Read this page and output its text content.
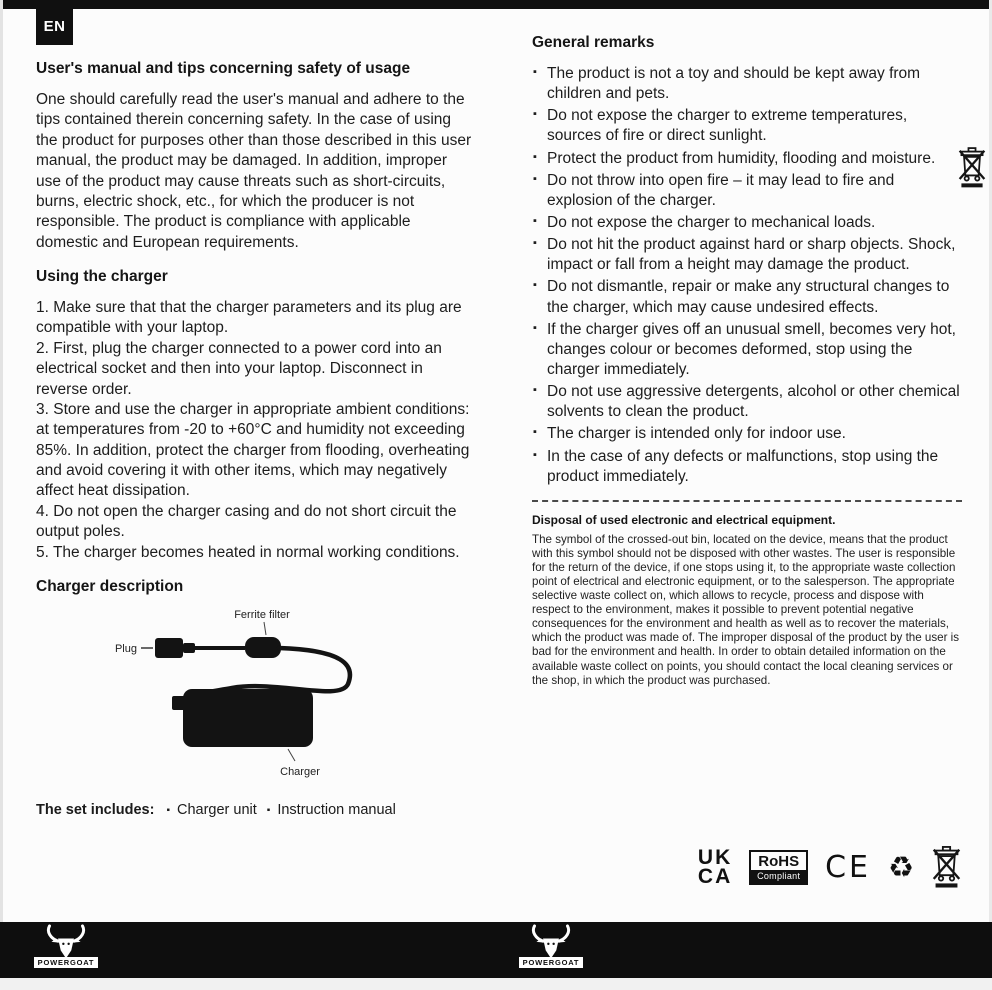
EN
User's manual and tips concerning safety of usage

One should carefully read the user's manual and adhere to the tips contained therein concerning safety. In the case of using the product for purposes other than those described in this user manual, the product may be damaged. In addition, improper use of the product may cause threats such as short-circuits, burns, electric shock, etc., for which the producer is not responsible. The product is compliance with applicable domestic and European requirements.

Using the charger

1. Make sure that that the charger parameters and its plug are compatible with your laptop.

2. First, plug the charger connected to a power cord into an electrical socket and then into your laptop. Disconnect in reverse order.

3. Store and use the charger in appropriate ambient conditions: at temperatures from -20 to +60°C and humidity not exceeding 85%. In addition, protect the charger from flooding, overheating and avoid covering it with other items, which may negatively affect heat dissipation.

4. Do not open the charger casing and do not short circuit the output poles.

5. The charger becomes heated in normal working conditions.

Charger description
Ferrite filter
Plug
Charger
The set includes:	▪ Charger unit ▪ Instruction manual
General remarks
▪ The product is not a toy and should be kept away from children and pets.
▪ Do not expose the charger to extreme temperatures, sources of fire or direct sunlight.
▪ Protect the product from humidity, flooding and moisture.
▪ Do not throw into open fire – it may lead to fire and explosion of the charger.
▪ Do not expose the charger to mechanical loads.
▪ Do not hit the product against hard or sharp objects. Shock, impact or fall from a height may damage the product.
▪ Do not dismantle, repair or make any structural changes to the charger, which may cause undesired effects.
▪ If the charger gives off an unusual smell, becomes very hot, changes colour or becomes deformed, stop using the charger immediately.
▪ Do not use aggressive detergents, alcohol or other chemical solvents to clean the product.
▪ The charger is intended only for indoor use.
▪ In the case of any defects or malfunctions, stop using the product immediately.
Disposal of used electronic and electrical equipment.

The symbol of the crossed-out bin, located on the device, means that the product with this symbol should not be disposed with other wastes. The user is responsible for the return of the device, if one stops using it, to the appropriate waste collection point of electrical and electronic equipment, or to the salesperson. The appropriate selective waste collect on, which allows to recycle, process and dispose with respect to the environment, makes it possible to prevent potential negative consequences for the environment and health as well as to recover the materials, which the product was made of. The improper disposal of the product by the user is bad for the environment and health. In order to obtain detailed information on the available waste collect on points, you should contact the local cleaning services or the shop, in which the product was purchased.

UK
CA
RoHS
Compliant CE ♻
POWERGOAT	POWERGOAT
